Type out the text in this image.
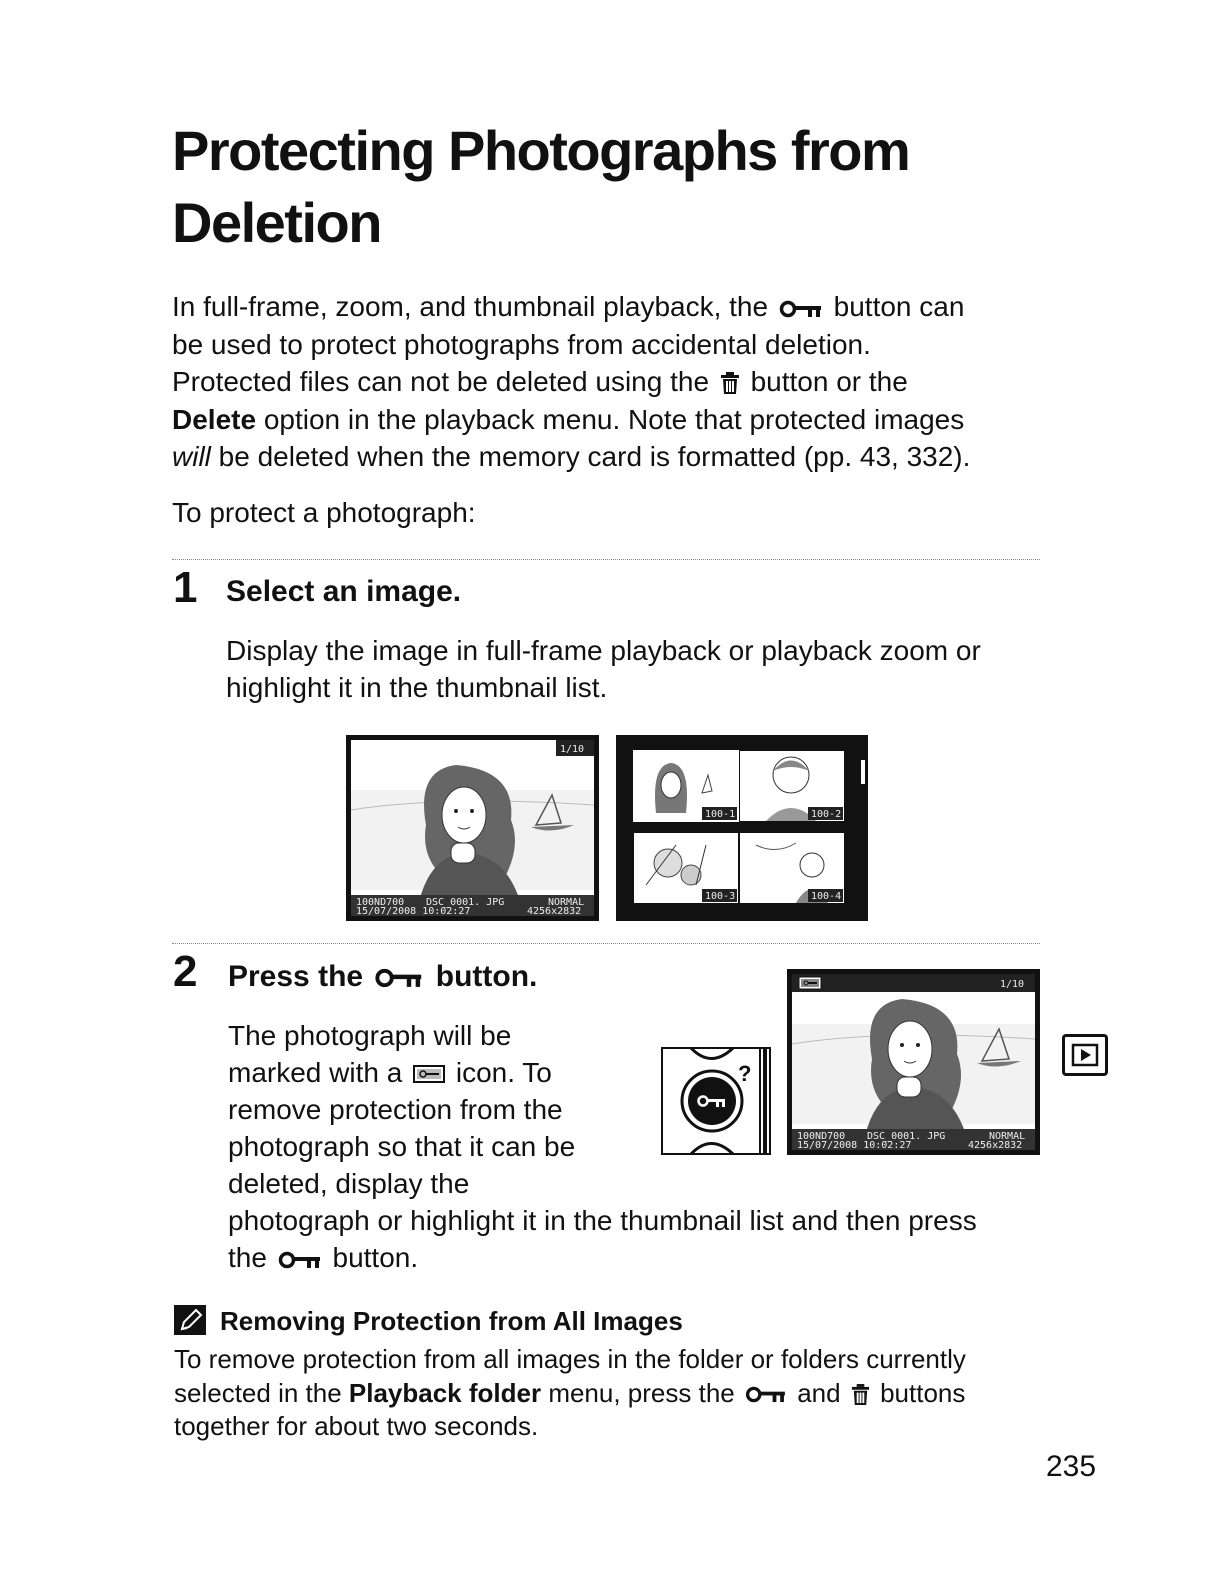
Protecting Photographs from Deletion

In full-frame, zoom, and thumbnail playback, the button can

be used to protect photographs from accidental deletion.

Protected files can not be deleted using the button or the

Delete option in the playback menu. Note that protected images

will be deleted when the memory card is formatted (pp. 43, 332).

To protect a photograph:
1 Select an image.
Display the image in full-frame playback or playback zoom or
highlight it in the thumbnail list.
1/10
100ND700 DSC_0001. JPG	NORMAL
15/07/2008 10:02:27	4256x2832
100-1	100-2
100-3	100-4
2 Press the button.
The photograph will be
marked with a icon. To
remove protection from the
photograph so that it can be
deleted, display the
photograph or highlight it in the thumbnail list and then press
the button.
?
1/10
100ND700 DSC_0001. JPG	NORMAL
15/07/2008 10:02:27	4256x2832
Removing Protection from All Images
To remove protection from all images in the folder or folders currently
selected in the Playback folder menu, press the and buttons
together for about two seconds.
235
